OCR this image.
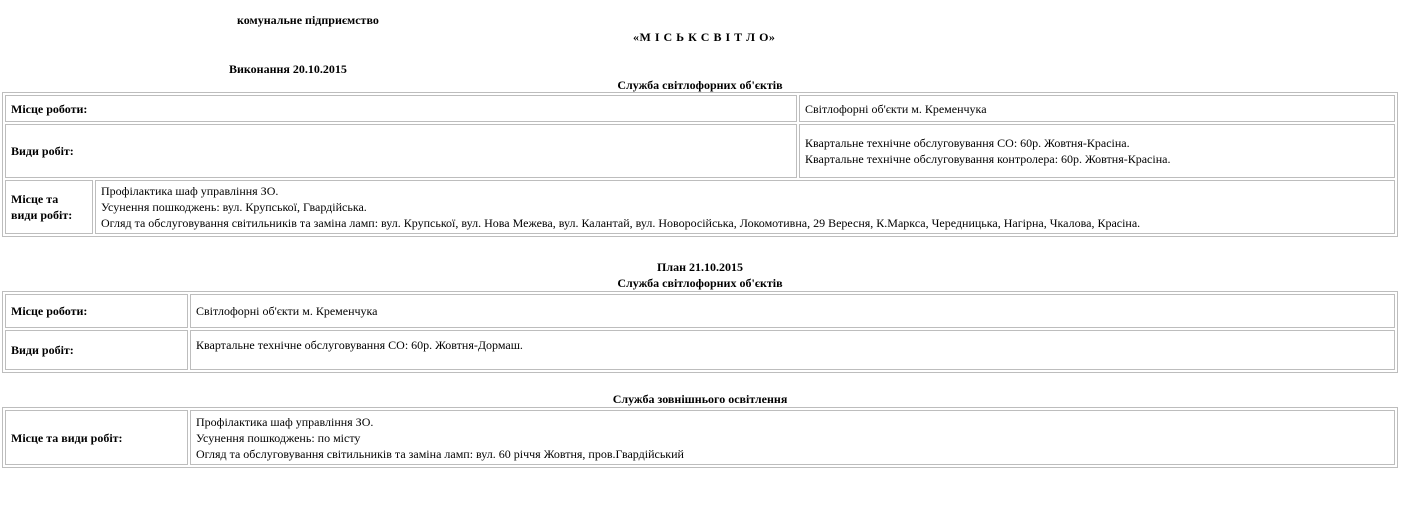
комунальне підприємство
«М І С Ь К С В І Т Л О»
Виконання 20.10.2015
Служба світлофорних об'єктів
Місце роботи:		Світлофорні об'єкти м. Кременчука
Види робіт:		Квартальне технічне обслуговування СО: 60р. Жовтня-Красіна.
Квартальне технічне обслуговування контролера: 60р. Жовтня-Красіна.

Місце та
види робіт:	Профілактика шаф управління ЗО.
Усунення пошкоджень: вул. Крупської, Гвардійська.
Огляд та обслуговування світильників та заміна ламп: вул. Крупської, вул. Нова Межева, вул. Калантай, вул. Новоросійська, Локомотивна, 29 Вересня, К.Маркса, Чередницька, Нагірна, Чкалова, Красіна.	
План 21.10.2015
Служба світлофорних об'єктів
Місце роботи:	Світлофорні об'єкти м. Кременчука
Види робіт:	Квартальне технічне обслуговування СО: 60р. Жовтня-Дормаш.
Служба зовнішнього освітлення
Місце та види робіт:	
Профілактика шаф управління ЗО.
Усунення пошкоджень: по місту
Огляд та обслуговування світильників та заміна ламп: вул. 60 річчя Жовтня, пров.Гвардійський
